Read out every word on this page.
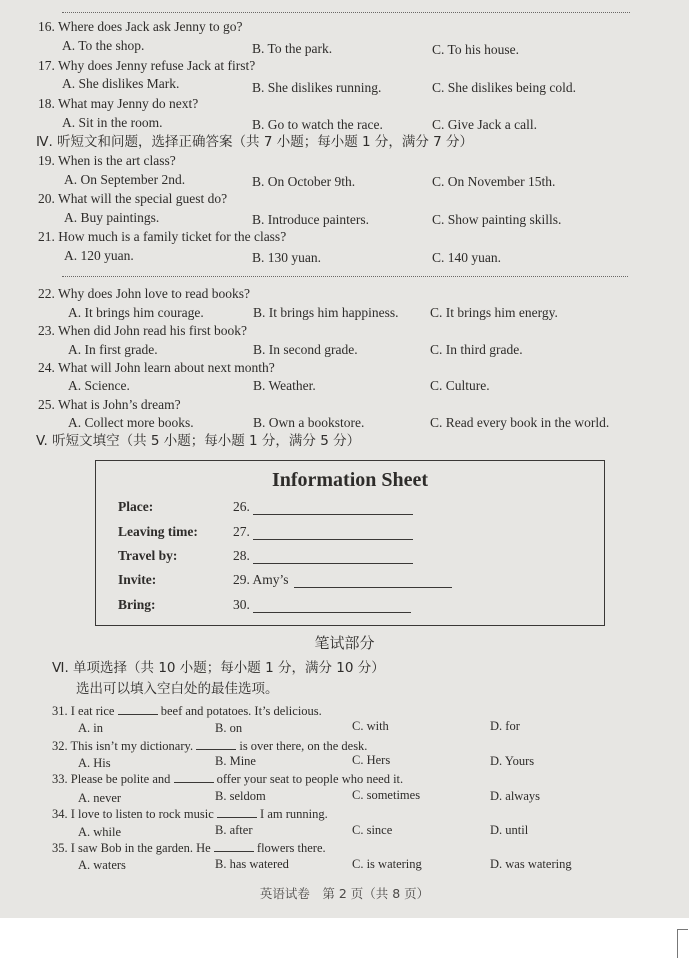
16. Where does Jack ask Jenny to go?
A. To the shop.	B. To the park.	C. To his house.
17. Why does Jenny refuse Jack at first?
A. She dislikes Mark.	B. She dislikes running.	C. She dislikes being cold.
18. What may Jenny do next?
A. Sit in the room.	B. Go to watch the race.	C. Give Jack a call.
Ⅳ. 听短文和问题，选择正确答案（共 7 小题；每小题 1 分，满分 7 分）
19. When is the art class?
A. On September 2nd.	B. On October 9th.	C. On November 15th.
20. What will the special guest do?
A. Buy paintings.	B. Introduce painters.	C. Show painting skills.
21. How much is a family ticket for the class?
A. 120 yuan.	B. 130 yuan.	C. 140 yuan.
22. Why does John love to read books?
A. It brings him courage.	B. It brings him happiness. C. It brings him energy.
23. When did John read his first book?
A. In first grade.	B. In second grade.	C. In third grade.
24. What will John learn about next month?
A. Science.	B. Weather.	C. Culture.
25. What is John’s dream?
A. Collect more books.	B. Own a bookstore.	C. Read every book in the world.
V. 听短文填空（共 5 小题；每小题 1 分，满分 5 分）
Information Sheet
Place:	26.
Leaving time:	27.
Travel by:	28.
Invite:	29. Amy’s
Bring:	30.
笔试部分
Ⅵ. 单项选择（共 10 小题；每小题 1 分，满分 10 分）
选出可以填入空白处的最佳选项。
31. I eat rice	beef and potatoes. It’s delicious.
A. in	B. on	C. with	D. for
32. This isn’t my dictionary.	is over there, on the desk.
A. His	B. Mine	C. Hers	D. Yours
33. Please be polite and	offer your seat to people who need it.
A. never	B. seldom	C. sometimes	D. always
34. I love to listen to rock music	I am running.
A. while	B. after	C. since	D. until
35. I saw Bob in the garden. He	flowers there.
A. waters	B. has watered	C. is watering	D. was watering
英语试卷　第 2 页（共 8 页）
